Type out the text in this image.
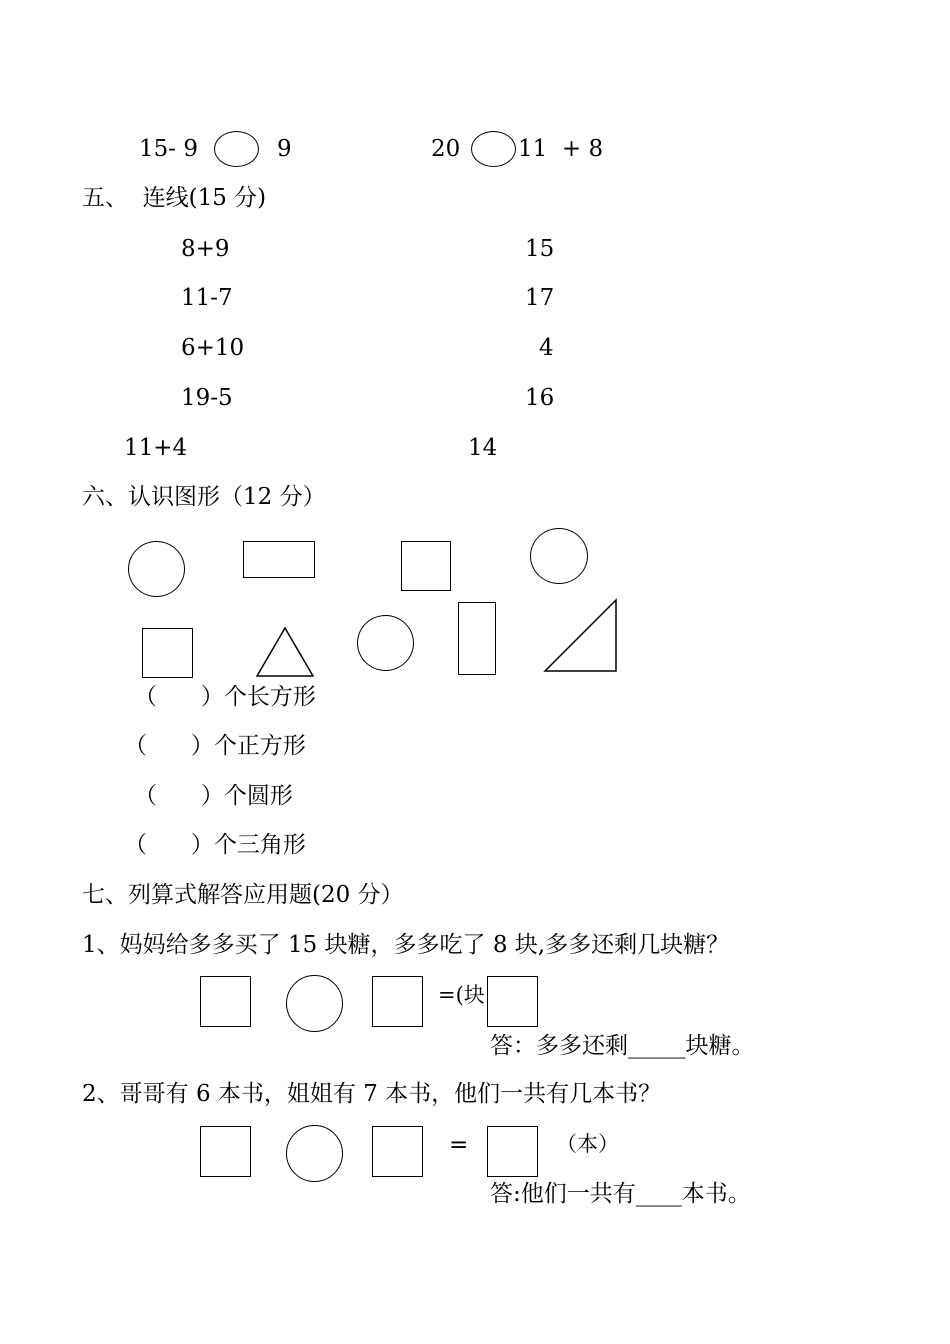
15- 9	9	20	11  + 8
五、  连线(15 分)
8+9
11-7
6+10
19-5
11+4
15
17
4
16
14
六、认识图形（12 分）
（      ）个长方形
（      ）个正方形
（      ）个圆形
（      ）个三角形
七、列算式解答应用题(20 分）
1、妈妈给多多买了 15 块糖，多多吃了 8 块,多多还剩几块糖？
=(块
答：多多还剩_____块糖。
2、哥哥有 6 本书，姐姐有 7 本书，他们一共有几本书？
=	（本）
答:他们一共有____本书。
